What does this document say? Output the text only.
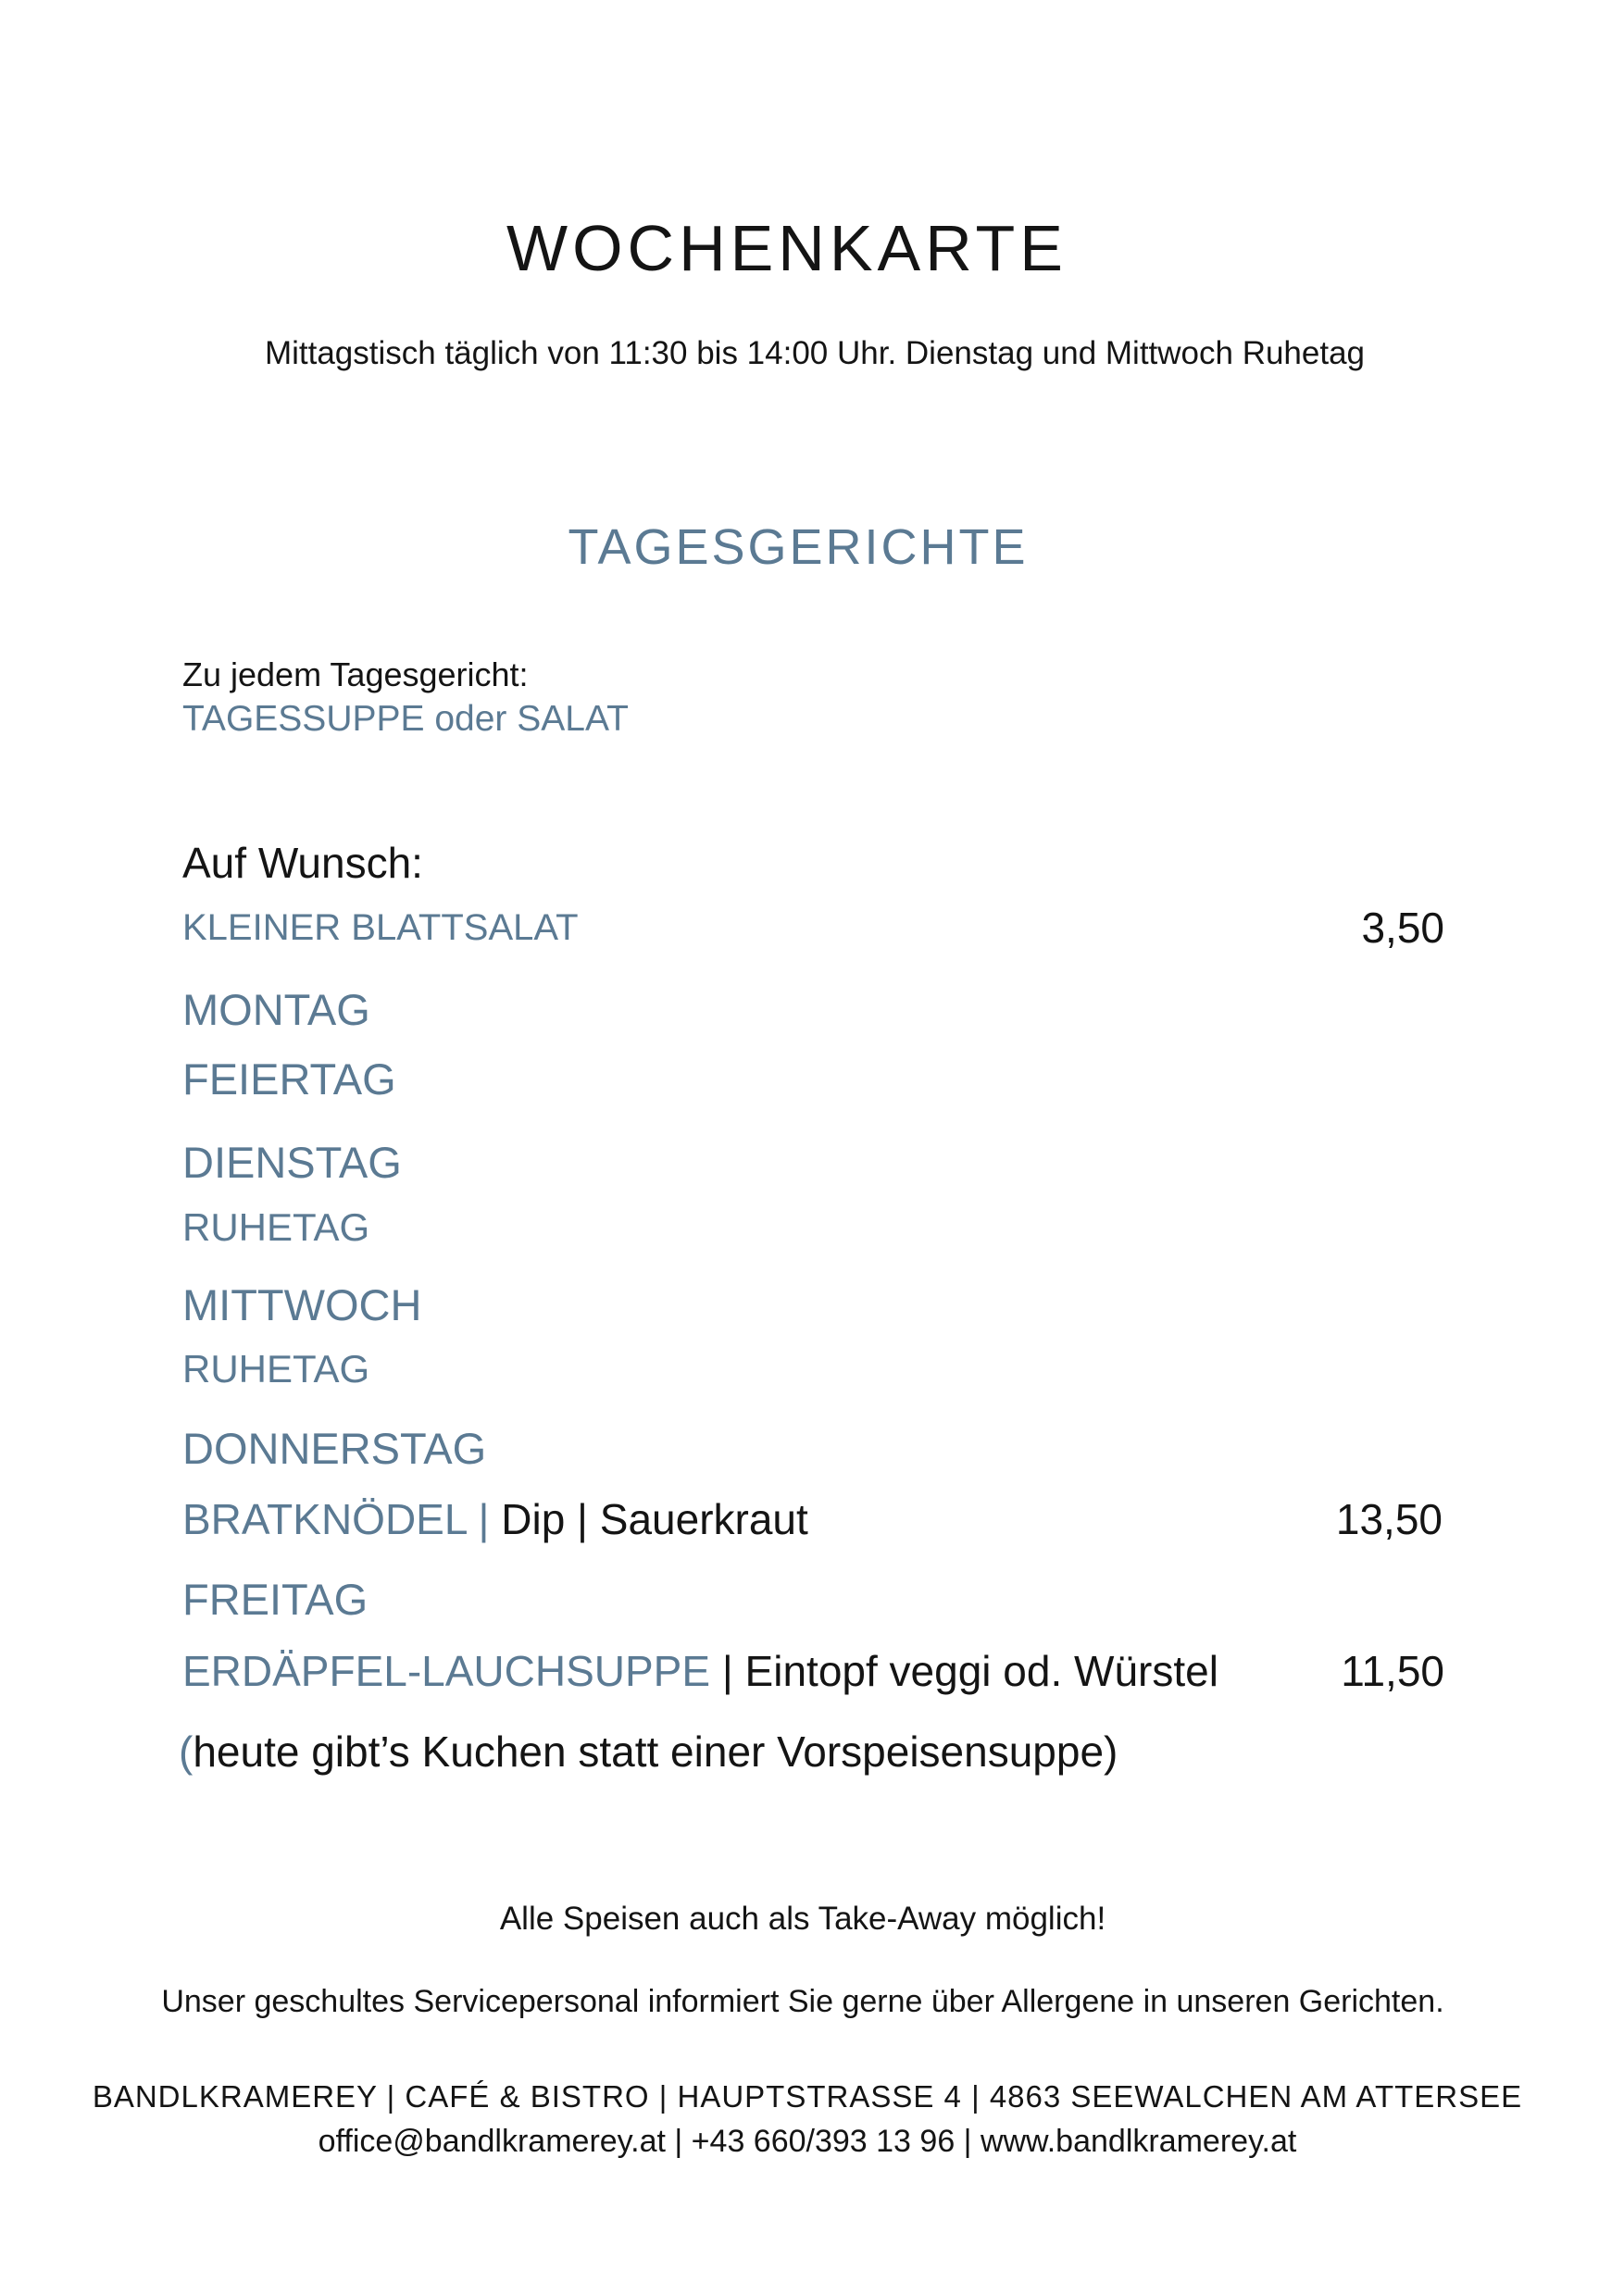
WOCHENKARTE
Mittagstisch täglich von 11:30 bis 14:00 Uhr. Dienstag und Mittwoch Ruhetag
TAGESGERICHTE
Zu jedem Tagesgericht:
TAGESSUPPE oder SALAT
Auf Wunsch:
KLEINER BLATTSALAT	3,50
MONTAG
FEIERTAG
DIENSTAG
RUHETAG
MITTWOCH
RUHETAG
DONNERSTAG
BRATKNÖDEL | Dip | Sauerkraut	13,50
FREITAG
ERDÄPFEL-LAUCHSUPPE | Eintopf veggi od. Würstel	11,50
(heute gibt’s Kuchen statt einer Vorspeisensuppe)
Alle Speisen auch als Take-Away möglich!
Unser geschultes Servicepersonal informiert Sie gerne über Allergene in unseren Gerichten.
BANDLKRAMEREY | CAFÉ & BISTRO | HAUPTSTRASSE 4 | 4863 SEEWALCHEN AM ATTERSEE
office@bandlkramerey.at | +43 660/393 13 96 | www.bandlkramerey.at
